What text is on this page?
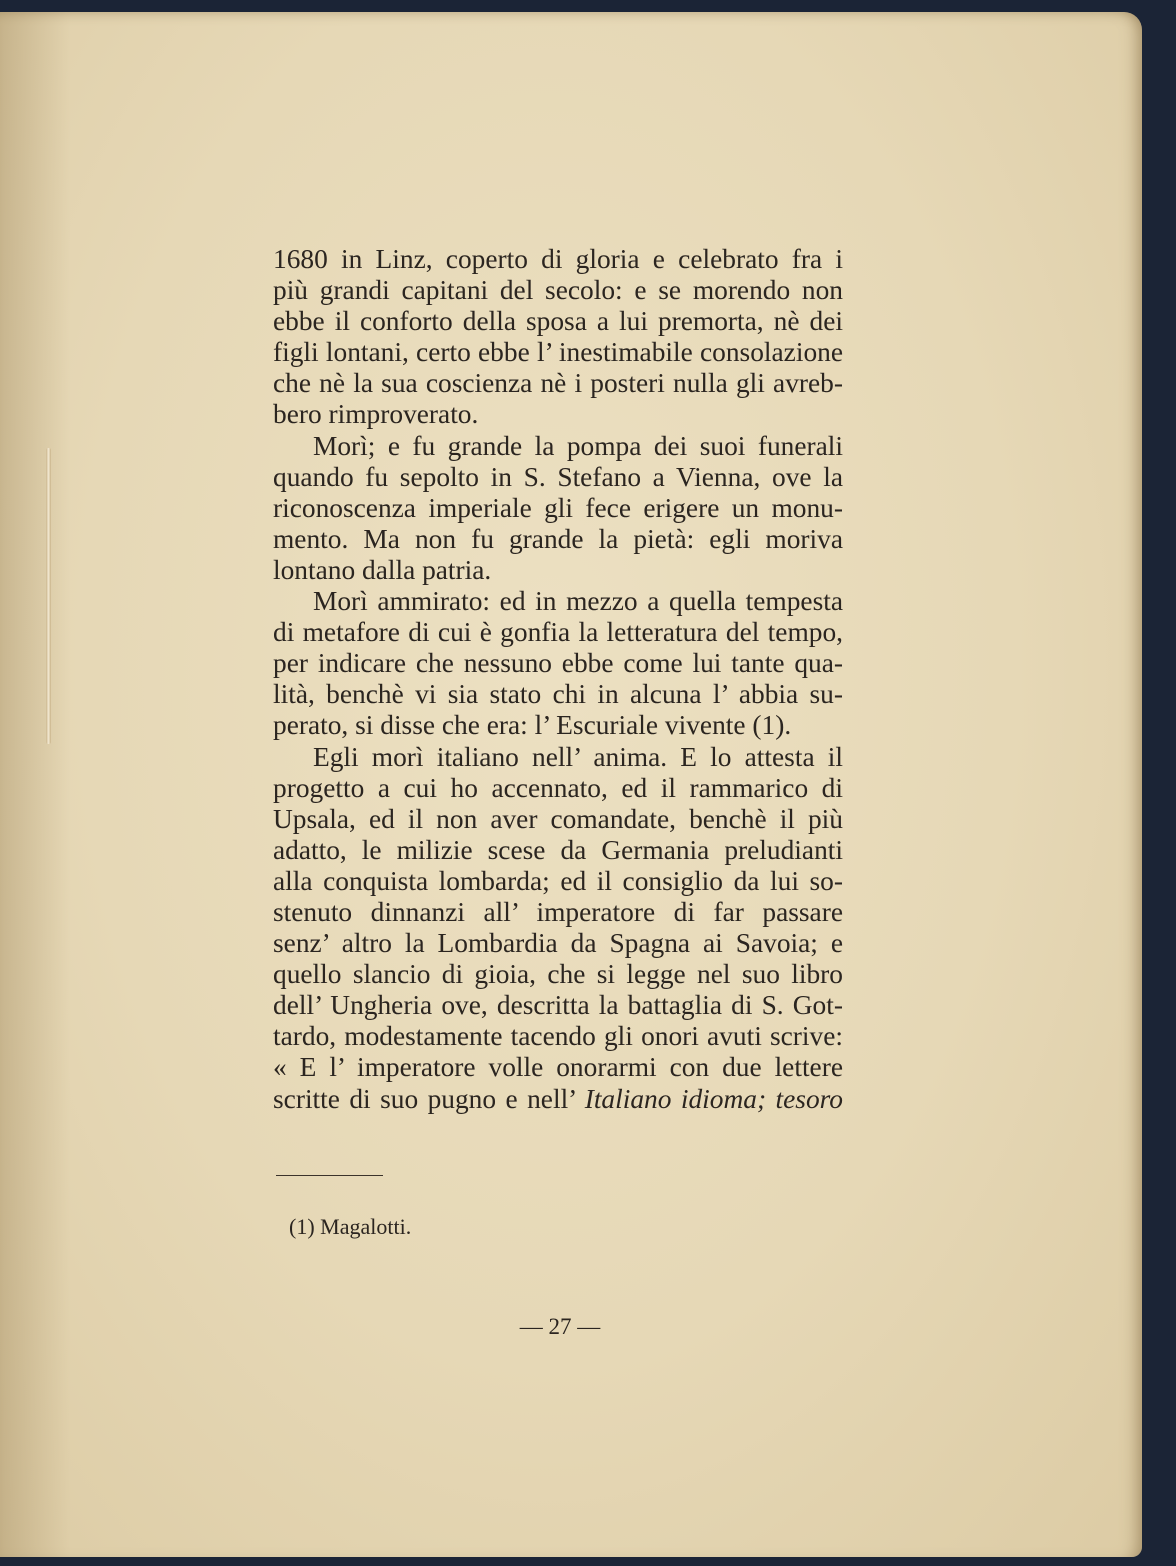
1680 in Linz, coperto di gloria e celebrato fra i
più grandi capitani del secolo: e se morendo non
ebbe il conforto della sposa a lui premorta, nè dei
figli lontani, certo ebbe l’ inestimabile consolazione
che nè la sua coscienza nè i posteri nulla gli avreb-
bero rimproverato.
Morì; e fu grande la pompa dei suoi funerali
quando fu sepolto in S. Stefano a Vienna, ove la
riconoscenza imperiale gli fece erigere un monu-
mento. Ma non fu grande la pietà: egli moriva
lontano dalla patria.
Morì ammirato: ed in mezzo a quella tempesta
di metafore di cui è gonfia la letteratura del tempo,
per indicare che nessuno ebbe come lui tante qua-
lità, benchè vi sia stato chi in alcuna l’ abbia su-
perato, si disse che era: l’ Escuriale vivente (1).
Egli morì italiano nell’ anima. E lo attesta il
progetto a cui ho accennato, ed il rammarico di
Upsala, ed il non aver comandate, benchè il più
adatto, le milizie scese da Germania preludianti
alla conquista lombarda; ed il consiglio da lui so-
stenuto dinnanzi all’ imperatore di far passare
senz’ altro la Lombardia da Spagna ai Savoia; e
quello slancio di gioia, che si legge nel suo libro
dell’ Ungheria ove, descritta la battaglia di S. Got-
tardo, modestamente tacendo gli onori avuti scrive:
« E l’ imperatore volle onorarmi con due lettere
scritte di suo pugno e nell’ Italiano idioma; tesoro
(1) Magalotti.
— 27 —
